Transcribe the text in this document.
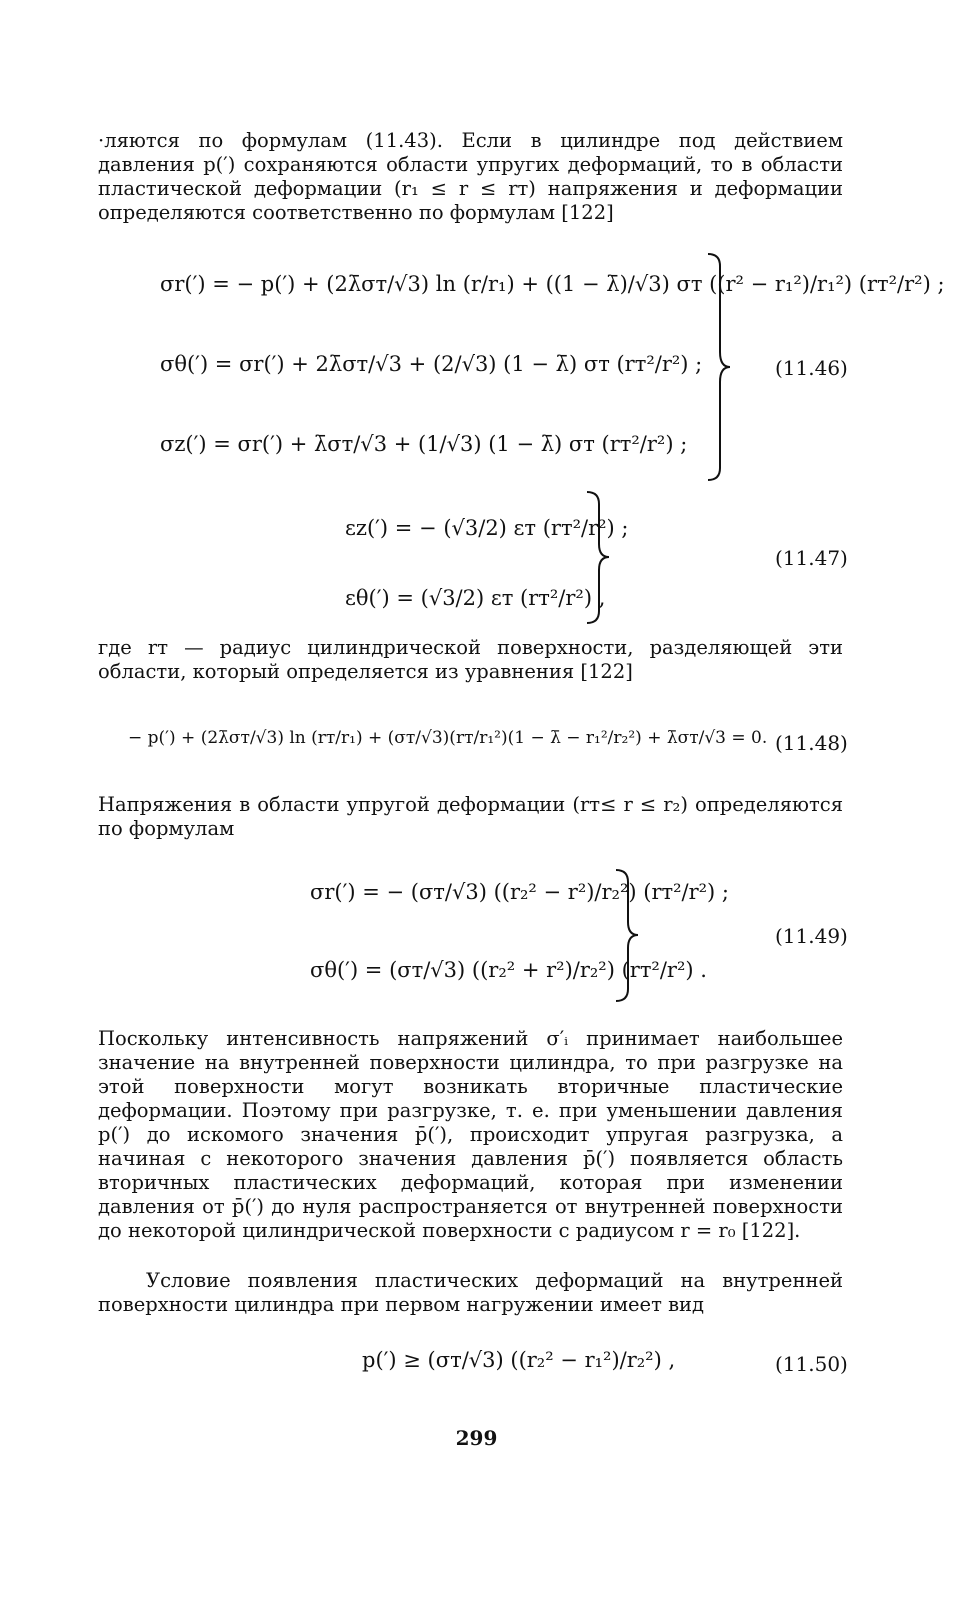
·ляются по формулам (11.43). Если в цилиндре под действием давления p(′) сохраняются области упругих деформаций, то в области пластической деформации (r₁ ≤ r ≤ rт) напряжения и деформации определяются соответственно по формулам [122]
σr(′) = − p(′) + (2λ̄σт/√3) ln (r/r₁) + ((1 − λ̄)/√3) σт ((r² − r₁²)/r₁²) (rт²/r²) ;
σθ(′) = σr(′) + 2λ̄σт/√3 + (2/√3) (1 − λ̄) σт (rт²/r²) ;
σz(′) = σr(′) + λ̄σт/√3 + (1/√3) (1 − λ̄) σт (rт²/r²) ;
(11.46)
εz(′) = − (√3/2) εт (rт²/r²) ;
εθ(′) = (√3/2) εт (rт²/r²) ,
(11.47)
где rт — радиус цилиндрической поверхности, разделяющей эти области, который определяется из уравнения [122]
− p(′) + (2λ̄σт/√3) ln (rт/r₁) + (σт/√3)(rт/r₁²)(1 − λ̄ − r₁²/r₂²) + λ̄σт/√3 = 0. (11.48)
Напряжения в области упругой деформации (rт≤ r ≤ r₂) определяются по формулам
σr(′) = − (σт/√3) ((r₂² − r²)/r₂²) (rт²/r²) ;
σθ(′) = (σт/√3) ((r₂² + r²)/r₂²) (rт²/r²) .
(11.49)
Поскольку интенсивность напряжений σ′ᵢ принимает наибольшее значение на внутренней поверхности цилиндра, то при разгрузке на этой поверхности могут возникать вторичные пластические деформации. Поэтому при разгрузке, т. е. при уменьшении давления p(′) до искомого значения p̄(′), происходит упругая разгрузка, а начиная с некоторого значения давления p̄(′) появляется область вторичных пластических деформаций, которая при изменении давления от p̄(′) до нуля распространяется от внутренней поверхности до некоторой цилиндрической поверхности с радиусом r = r₀ [122].
Условие появления пластических деформаций на внутренней поверхности цилиндра при первом нагружении имеет вид
p(′) ≥ (σт/√3) ((r₂² − r₁²)/r₂²) ,	(11.50)
299
